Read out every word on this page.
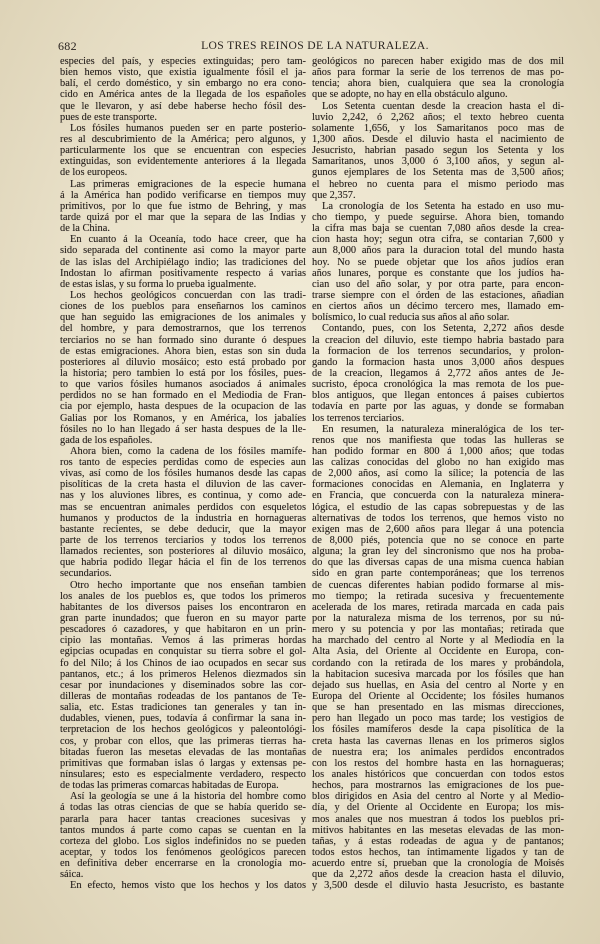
682	LOS TRES REINOS DE LA NATURALEZA.
especies del país, y especies extinguidas; pero tam-
bien hemos visto, que existia igualmente fósil el ja-
balí, el cerdo doméstico, y sin embargo no era cono-
cido en América antes de la llegada de los españoles
que le llevaron, y así debe haberse hecho fósil des-
pues de este transporte.
Los fósiles humanos pueden ser en parte posterio-
res al descubrimiento de la América; pero algunos, y
particularmente los que se encuentran con especies
extinguidas, son evidentemente anteriores á la llegada
de los europeos.
Las primeras emigraciones de la especie humana
á la América han podido verificarse en tiempos muy
primitivos, por lo que fue istmo de Behring, y mas
tarde quizá por el mar que la separa de las Indias y
de la China.
En cuanto á la Oceanía, todo hace creer, que ha
sido separada del continente asi como la mayor parte
de las islas del Archipiélago indio; las tradiciones del
Indostan lo afirman positivamente respecto á varias
de estas islas, y su forma lo prueba igualmente.
Los hechos geológicos concuerdan con las tradi-
ciones de los pueblos para enseñarnos los caminos
que han seguido las emigraciones de los animales y
del hombre, y para demostrarnos, que los terrenos
terciarios no se han formado sino durante ó despues
de estas emigraciones. Ahora bien, estas son sin duda
posteriores al diluvio mosáico; esto está probado por
la historia; pero tambien lo está por los fósiles, pues-
to que varios fósiles humanos asociados á animales
perdidos no se han formado en el Mediodia de Fran-
cia por ejemplo, hasta despues de la ocupacion de las
Galias por los Romanos, y en América, los jabalíes
fósiles no lo han llegado á ser hasta despues de la lle-
gada de los españoles.
Ahora bien, como la cadena de los fósiles mamífe-
ros tanto de especies perdidas como de especies aun
vivas, así como de los fósiles humanos desde las capas
pisolíticas de la creta hasta el diluvion de las caver-
nas y los aluviones libres, es continua, y como ade-
mas se encuentran animales perdidos con esqueletos
humanos y productos de la industria en hornagueras
bastante recientes, se debe deducir, que la mayor
parte de los terrenos terciarios y todos los terrenos
llamados recientes, son posteriores al diluvio mosáico,
que habria podido llegar hácia el fin de los terrenos
secundarios.
Otro hecho importante que nos enseñan tambien
los anales de los pueblos es, que todos los primeros
habitantes de los diversos paises los encontraron en
gran parte inundados; que fueron en su mayor parte
pescadores ó cazadores, y que habitaron en un prin-
cipio las montañas. Vemos á las primeras hordas
egipcias ocupadas en conquistar su tierra sobre el gol-
fo del Nilo; á los Chinos de iao ocupados en secar sus
pantanos, etc.; á los primeros Helenos diezmados sin
cesar por inundaciones y diseminados sobre las cor-
dilleras de montañas rodeadas de los pantanos de Te-
salia, etc. Estas tradiciones tan generales y tan in-
dudables, vienen, pues, todavía á confirmar la sana in-
terpretacion de los hechos geológicos y paleontológi-
cos, y probar con ellos, que las primeras tierras ha-
bitadas fueron las mesetas elevadas de las montañas
primitivas que formaban islas ó largas y extensas pe-
nínsulares; esto es especialmente verdadero, respecto
de todas las primeras comarcas habitadas de Europa.
Así la geología se une á la historia del hombre como
á todas las otras ciencias de que se había querido se-
pararla para hacer tantas creaciones sucesivas y
tantos mundos á parte como capas se cuentan en la
corteza del globo. Los siglos indefinidos no se pueden
aceptar, y todos los fenómenos geológicos parecen
en definitiva deber encerrarse en la cronología mo-
sáica.
En efecto, hemos visto que los hechos y los datos
geológicos no parecen haber exigido mas de dos mil
años para formar la serie de los terrenos de mas po-
tencia; ahora bien, cualquiera que sea la cronología
que se adopte, no hay en ella obstáculo alguno.
Los Setenta cuentan desde la creacion hasta el di-
luvio 2,242, ó 2,262 años; el texto hebreo cuenta
solamente 1,656, y los Samaritanos poco mas de
1,300 años. Desde el diluvio hasta el nacimiento de
Jesucristo, habrian pasado segun los Setenta y los
Samaritanos, unos 3,000 ó 3,100 años, y segun al-
gunos ejemplares de los Setenta mas de 3,500 años;
el hebreo no cuenta para el mismo periodo mas
que 2,357.
La cronología de los Setenta ha estado en uso mu-
cho tiempo, y puede seguirse. Ahora bien, tomando
la cifra mas baja se cuentan 7,080 años desde la crea-
cion hasta hoy; segun otra cifra, se contarian 7,600 y
aun 8,000 años para la duracion total del mundo hasta
hoy. No se puede objetar que los años judíos eran
años lunares, porque es constante que los judíos ha-
cian uso del año solar, y por otra parte, para encon-
trarse siempre con el órden de las estaciones, añadian
en ciertos años un décimo tercero mes, llamado em-
bolísmico, lo cual reducia sus años al año solar.
Contando, pues, con los Setenta, 2,272 años desde
la creacion del diluvio, este tiempo habria bastado para
la formacion de los terrenos secundarios, y prolon-
gando la formacion hasta unos 3,000 años despues
de la creacion, llegamos á 2,772 años antes de Je-
sucristo, época cronológica la mas remota de los pue-
blos antiguos, que llegan entonces á paises cubiertos
todavía en parte por las aguas, y donde se formaban
los terrenos terciarios.
En resumen, la naturaleza mineralógica de los ter-
renos que nos manifiesta que todas las hulleras se
han podido formar en 800 á 1,000 años; que todas
las calizas conocidas del globo no han exigido mas
de 2,000 años, así como la sílice; la potencia de las
formaciones conocidas en Alemania, en Inglaterra y
en Francia, que concuerda con la naturaleza minera-
lógica, el estudio de las capas sobrepuestas y de las
alternativas de todos los terrenos, que hemos visto no
exigen mas de 2,600 años para llegar á una potencia
de 8,000 piés, potencia que no se conoce en parte
alguna; la gran ley del sincronismo que nos ha proba-
do que las diversas capas de una misma cuenca habian
sido en gran parte contemporáneas; que los terrenos
de cuencas diferentes habian podido formarse al mis-
mo tiempo; la retirada sucesiva y frecuentemente
acelerada de los mares, retirada marcada en cada pais
por la naturaleza misma de los terrenos, por su nú-
mero y su potencia y por las montañas; retirada que
ha marchado del centro al Norte y al Mediodía en la
Alta Asia, del Oriente al Occidente en Europa, con-
cordando con la retirada de los mares y probándola,
la habitacion sucesiva marcada por los fósiles que han
dejado sus huellas, en Asia del centro al Norte y en
Europa del Oriente al Occidente; los fósiles humanos
que se han presentado en las mismas direcciones,
pero han llegado un poco mas tarde; los vestigios de
los fósiles mamíferos desde la capa pisolítica de la
creta hasta las cavernas llenas en los primeros siglos
de nuestra era; los animales perdidos encontrados
con los restos del hombre hasta en las hornagueras;
los anales históricos que concuerdan con todos estos
hechos, para mostrarnos las emigraciones de los pue-
blos dirigidos en Asia del centro al Norte y al Medio-
día, y del Oriente al Occidente en Europa; los mis-
mos anales que nos muestran á todos los pueblos pri-
mitivos habitantes en las mesetas elevadas de las mon-
tañas, y á estas rodeadas de agua y de pantanos;
todos estos hechos, tan íntimamente ligados y tan de
acuerdo entre sí, prueban que la cronología de Moisés
que da 2,272 años desde la creacion hasta el diluvio,
y 3,500 desde el diluvio hasta Jesucristo, es bastante
